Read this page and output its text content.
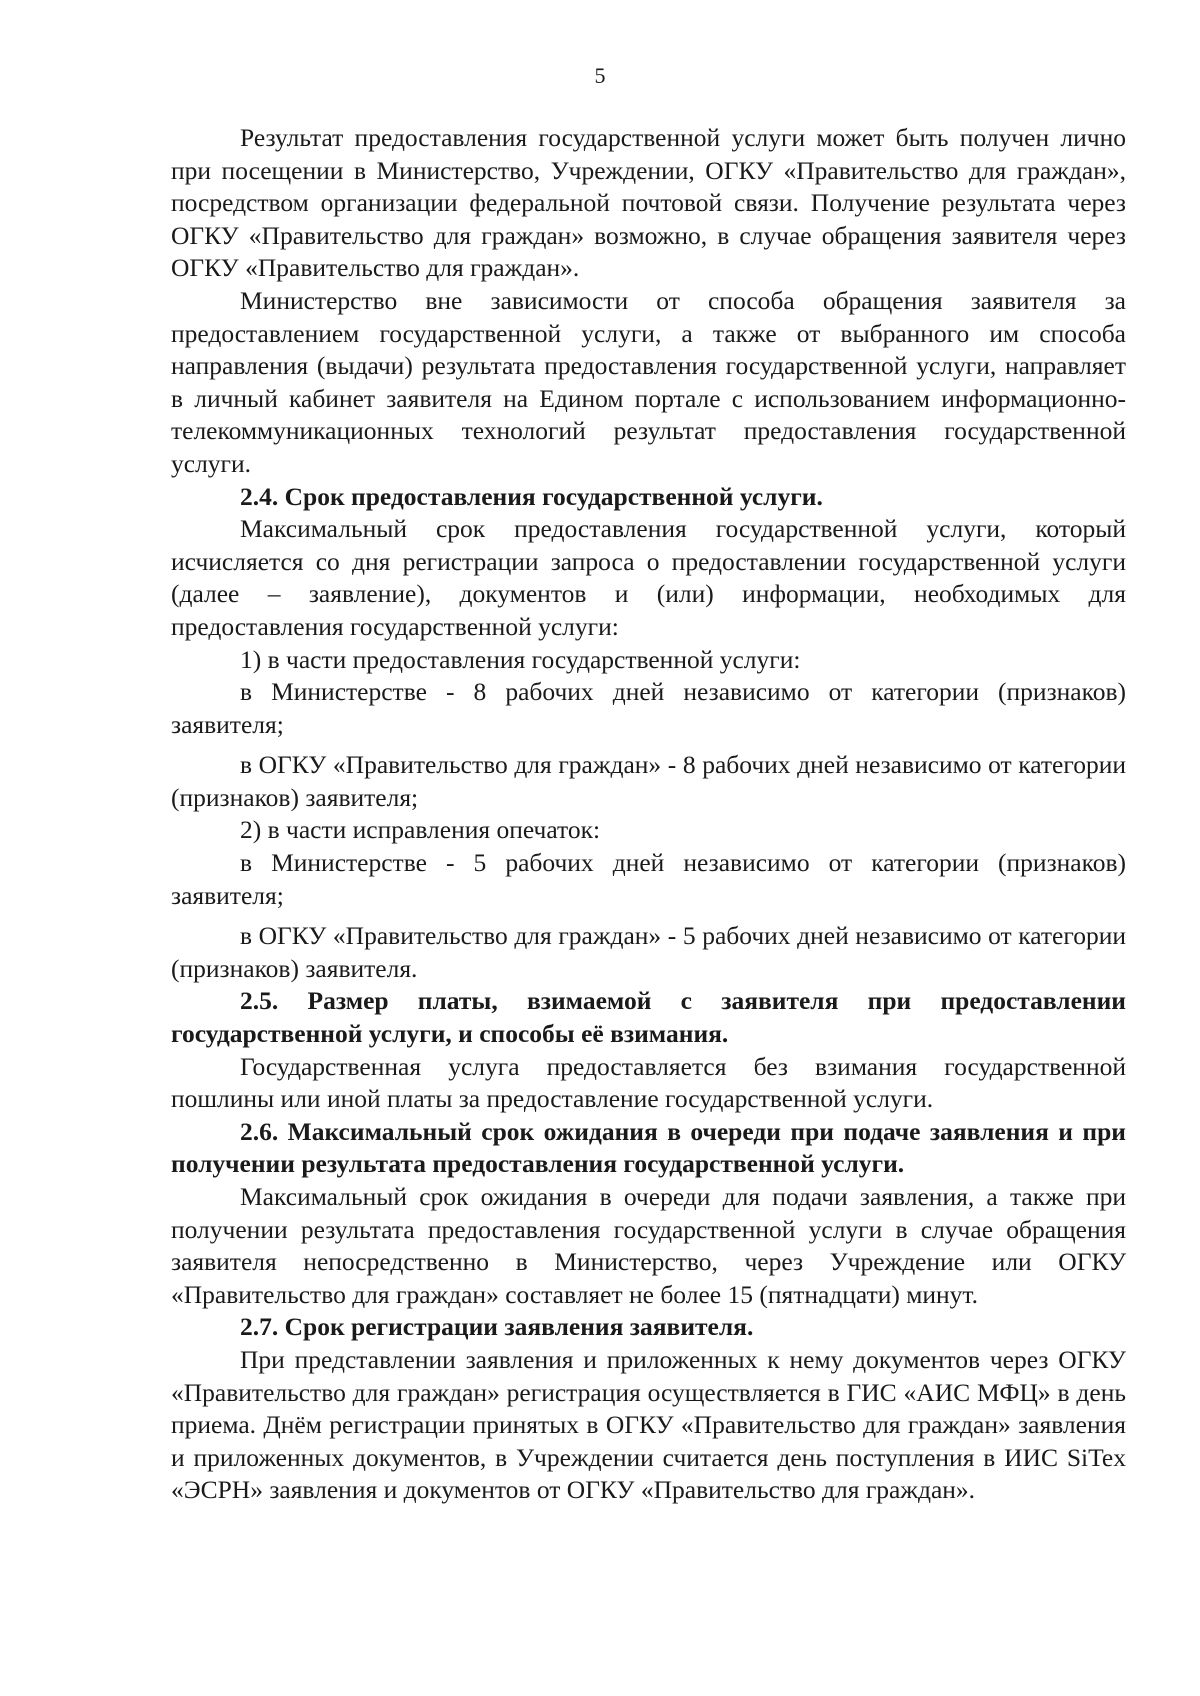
5

Результат предоставления государственной услуги может быть получен лично при посещении в Министерство, Учреждении, ОГКУ «Правительство для граждан», посредством организации федеральной почтовой связи. Получение результата через ОГКУ «Правительство для граждан» возможно, в случае обращения заявителя через ОГКУ «Правительство для граждан».

Министерство вне зависимости от способа обращения заявителя за предоставлением государственной услуги, а также от выбранного им способа направления (выдачи) результата предоставления государственной услуги, направляет в личный кабинет заявителя на Едином портале с использованием информационно-телекоммуникационных технологий результат предоставления государственной услуги.

2.4. Срок предоставления государственной услуги.

Максимальный срок предоставления государственной услуги, который исчисляется со дня регистрации запроса о предоставлении государственной услуги (далее – заявление), документов и (или) информации, необходимых для предоставления государственной услуги:

1) в части предоставления государственной услуги:

в Министерстве - 8 рабочих дней независимо от категории (признаков) заявителя;

в ОГКУ «Правительство для граждан» - 8 рабочих дней независимо от категории (признаков) заявителя;

2) в части исправления опечаток:

в Министерстве - 5 рабочих дней независимо от категории (признаков) заявителя;

в ОГКУ «Правительство для граждан» - 5 рабочих дней независимо от категории (признаков) заявителя.

2.5. Размер платы, взимаемой с заявителя при предоставлении государственной услуги, и способы её взимания.

Государственная услуга предоставляется без взимания государственной пошлины или иной платы за предоставление государственной услуги.

2.6. Максимальный срок ожидания в очереди при подаче заявления и при получении результата предоставления государственной услуги.

Максимальный срок ожидания в очереди для подачи заявления, а также при получении результата предоставления государственной услуги в случае обращения заявителя непосредственно в Министерство, через Учреждение или ОГКУ «Правительство для граждан» составляет не более 15 (пятнадцати) минут.

2.7. Срок регистрации заявления заявителя.

При представлении заявления и приложенных к нему документов через ОГКУ «Правительство для граждан» регистрация осуществляется в ГИС «АИС МФЦ» в день приема. Днём регистрации принятых в ОГКУ «Правительство для граждан» заявления и приложенных документов, в Учреждении считается день поступления в ИИС SiTex «ЭСРН» заявления и документов от ОГКУ «Правительство для граждан».
